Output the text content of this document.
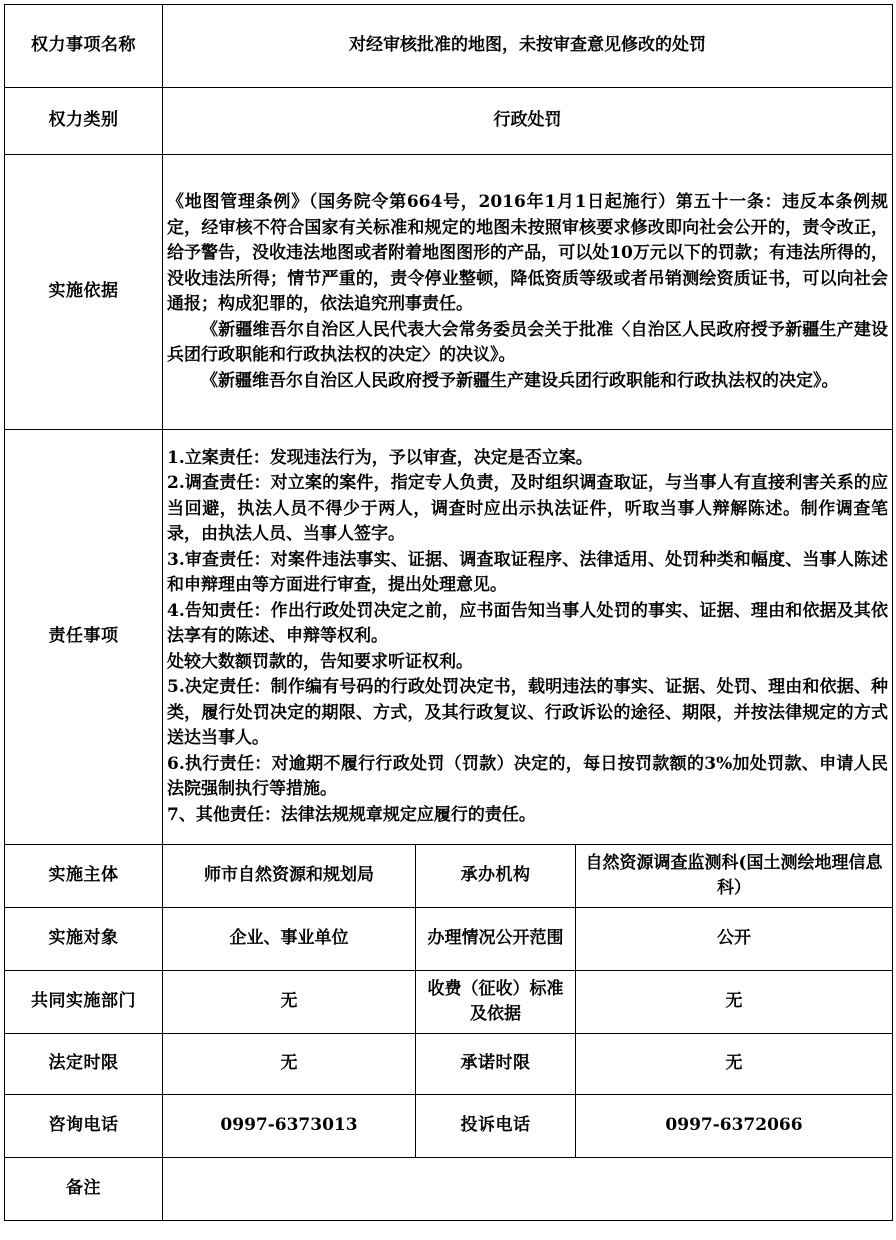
权力事项名称	对经审核批准的地图，未按审查意见修改的处罚		
权力类别	行政处罚		
实施依据	《地图管理条例》（国务院令第664号，2016年1月1日起施行）第五十一条：违反本条例规定，经审核不符合国家有关标准和规定的地图未按照审核要求修改即向社会公开的，责令改正，给予警告，没收违法地图或者附着地图图形的产品，可以处10万元以下的罚款；有违法所得的，没收违法所得；情节严重的，责令停业整顿，降低资质等级或者吊销测绘资质证书，可以向社会通报；构成犯罪的，依法追究刑事责任。

《新疆维吾尔自治区人民代表大会常务委员会关于批准〈自治区人民政府授予新疆生产建设兵团行政职能和行政执法权的决定〉的决议》。

《新疆维吾尔自治区人民政府授予新疆生产建设兵团行政职能和行政执法权的决定》。		

责任事项	

1.立案责任：发现违法行为，予以审查，决定是否立案。

2.调查责任：对立案的案件，指定专人负责，及时组织调查取证，与当事人有直接利害关系的应当回避，执法人员不得少于两人，调查时应出示执法证件，听取当事人辩解陈述。制作调查笔录，由执法人员、当事人签字。

3.审查责任：对案件违法事实、证据、调查取证程序、法律适用、处罚种类和幅度、当事人陈述和申辩理由等方面进行审查，提出处理意见。

4.告知责任：作出行政处罚决定之前，应书面告知当事人处罚的事实、证据、理由和依据及其依法享有的陈述、申辩等权利。

处较大数额罚款的，告知要求听证权利。

5.决定责任：制作编有号码的行政处罚决定书，载明违法的事实、证据、处罚、理由和依据、种类，履行处罚决定的期限、方式，及其行政复议、行政诉讼的途径、期限，并按法律规定的方式送达当事人。

6.执行责任：对逾期不履行行政处罚（罚款）决定的，每日按罚款额的3%加处罚款、申请人民法院强制执行等措施。

7、其他责任：法律法规规章规定应履行的责任。

实施主体	师市自然资源和规划局	承办机构	自然资源调查监测科(国土测绘地理信息科）
实施对象	企业、事业单位	办理情况公开范围	公开
共同实施部门	无	收费（征收）标准及依据	无
法定时限	无	承诺时限	无
咨询电话	0997-6373013	投诉电话	0997-6372066
备注			
